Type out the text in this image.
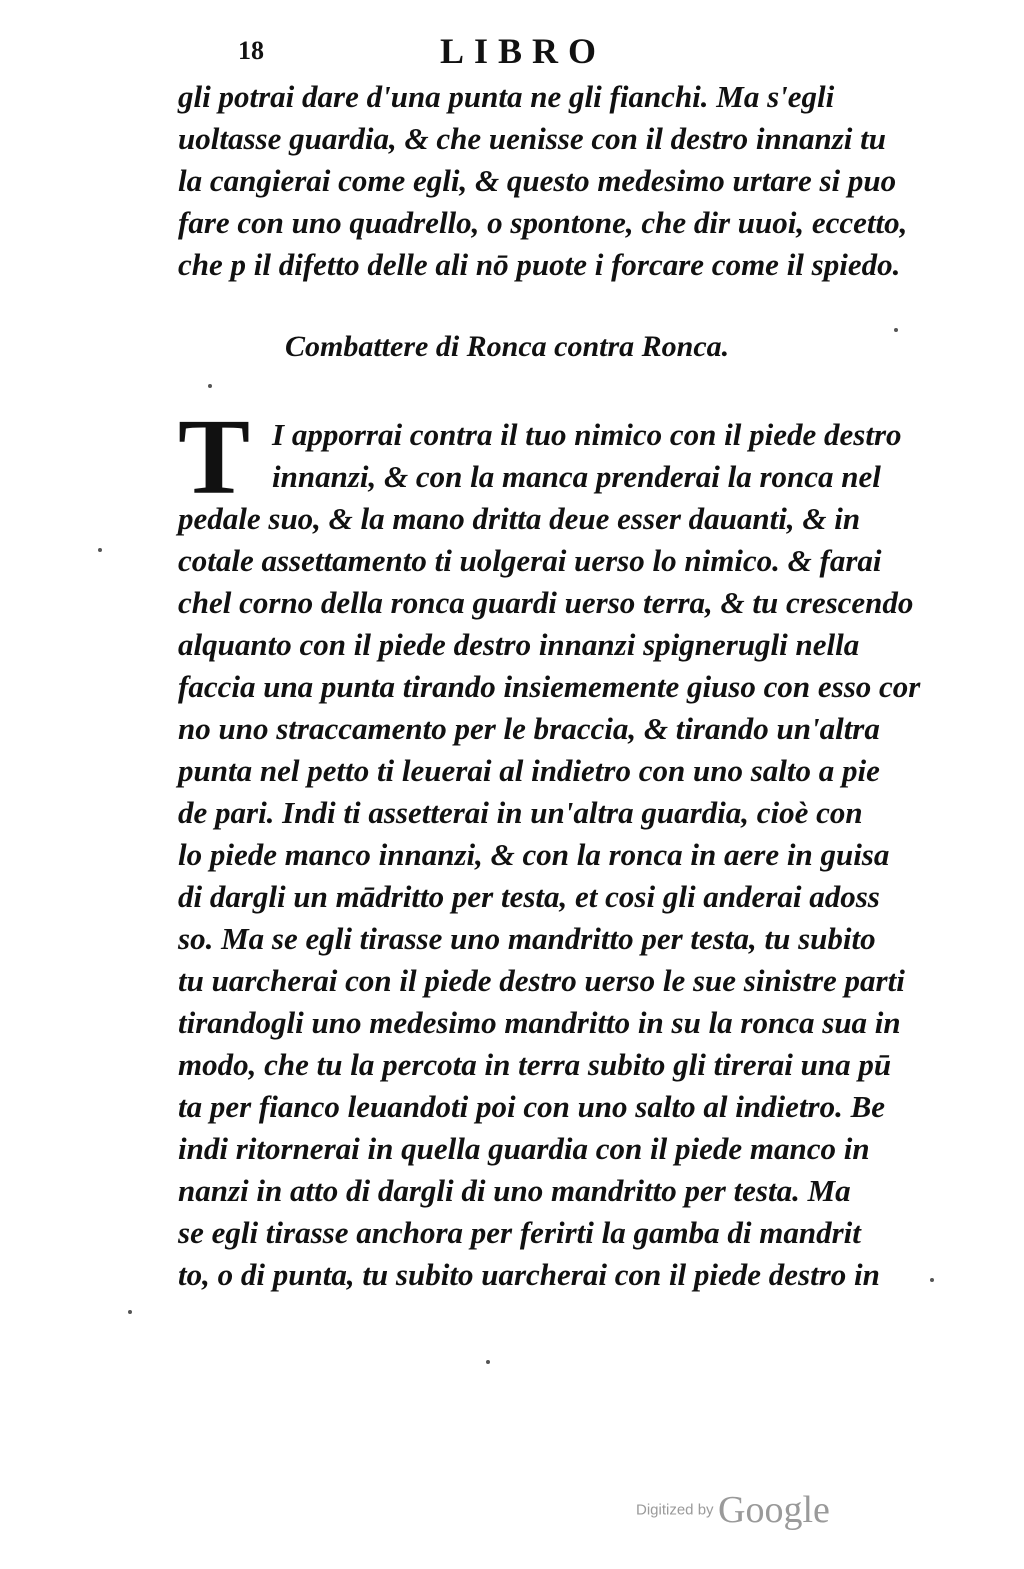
18	LIBRO
gli potrai dare d'una punta ne gli fianchi. Ma s'egli
uoltasse guardia, & che uenisse con il destro innanzi tu
la cangierai come egli, & questo medesimo urtare si puo
fare con uno quadrello, o spontone, che dir uuoi, eccetto,
che p il difetto delle ali nō puote i forcare come il spiedo.
Combattere di Ronca contra Ronca.
T I apporrai contra il tuo nimico con il piede destro
innanzi, & con la manca prenderai la ronca nel
pedale suo, & la mano dritta deue esser dauanti, & in
cotale assettamento ti uolgerai uerso lo nimico. & farai
chel corno della ronca guardi uerso terra, & tu crescendo
alquanto con il piede destro innanzi spignerugli nella
faccia una punta tirando insiememente giuso con esso cor
no uno straccamento per le braccia, & tirando un'altra
punta nel petto ti leuerai al indietro con uno salto a pie
de pari. Indi ti assetterai in un'altra guardia, cioè con
lo piede manco innanzi, & con la ronca in aere in guisa
di dargli un mādritto per testa, et cosi gli anderai adoss
so. Ma se egli tirasse uno mandritto per testa, tu subito
tu uarcherai con il piede destro uerso le sue sinistre parti
tirandogli uno medesimo mandritto in su la ronca sua in
modo, che tu la percota in terra subito gli tirerai una pū
ta per fianco leuandoti poi con uno salto al indietro. Be
indi ritornerai in quella guardia con il piede manco in
nanzi in atto di dargli di uno mandritto per testa. Ma
se egli tirasse anchora per ferirti la gamba di mandrit
to, o di punta, tu subito uarcherai con il piede destro in
Digitized by Google
